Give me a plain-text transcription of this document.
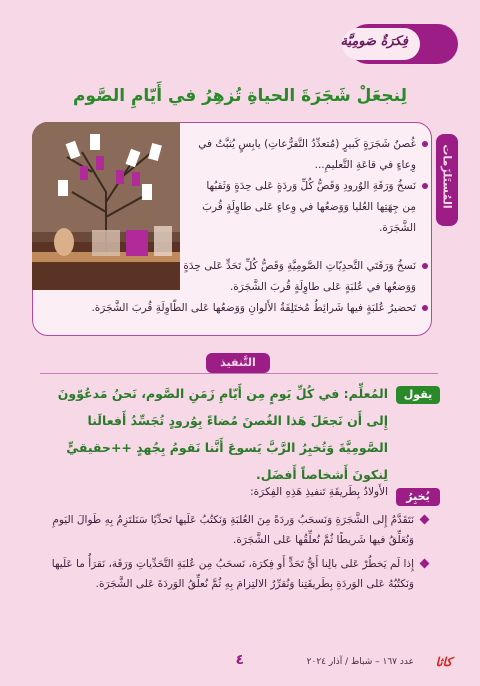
فِكرَةٌ صَومِيَّة
لِنجعَلْ شَجَرَةَ الحياةِ تُزهِرُ في أَيّامِ الصَّوم
المُستَلزَمات
غُصنُ شَجَرَةٍ كَبيرٍ (مُتعدِّدُ التَّفرُّعاتِ) يابِسٍ يُثبَّتُ في وِعاءٍ في قاعَةِ التَّعليمِ...
نَسخُ وَرَقَةِ الوُرودِ وَقَصُّ كُلِّ وَردَةٍ عَلى حِدَةٍ وَثَقبُها مِن جِهَتِها العُليا وَوَضعُها في وِعاءٍ عَلى طاوِلَةٍ قُربَ الشَّجَرَة.
نَسخُ وَرَقَتَي التَّحدِيّاتِ الصَّومِيَّةِ وَقَصُّ كُلِّ تَحَدٍّ عَلى حِدَةٍ وَوَضعُها في عُلبَةٍ عَلى طاوِلَةٍ قُربَ الشَّجَرَة.
تَحضيرُ عُلبَةٍ فيها شَرائِطُ مُختَلِفَةُ الأَلوانِ وَوَضعُها عَلى الطّاوِلَةِ قُربَ الشَّجَرَة.
التَّنفيذ
يقول

المُعلِّم: في كُلِّ يَومٍ مِن أَيّامِ زَمَنِ الصَّوم، نَحنُ مَدعُوّونَ إِلى أَن نَجعَلَ هَذا الغُصنَ مُضاءً بِوُرودٍ تُجَسِّدُ أَفعالَنا الصَّومِيَّةَ وَتُخبِرُ الرَّبَّ يَسوعَ أَنَّنا نَقومُ بِجُهدٍ ++حقيقيٍّ لِنكونَ أَشخاصاً أَفضَل.

يُخبِرُ

الأَولادُ بِطَريقَةِ تَنفيذِ هَذِهِ الفِكرَة:

نَتَقَدَّمُ إِلى الشَّجَرَةِ وَنَسحَبُ وَردَةً مِنَ العُلبَةِ وَنَكتُبُ عَلَيها تَحدِّيًا سَنَلتَزِمُ بِهِ طَوالَ اليَومِ وَنُعَلِّقُ فيها شَريطًا ثُمَّ نُعلِّقُها عَلى الشَّجَرَة.
إِذا لَم يَخطُرْ عَلى بالِنا أَيُّ تَحَدٍّ أَو فِكرَة، نَسحَبُ مِن عُلبَةِ التَّحَدِّياتِ وَرَقَة، نَقرَأُ ما عَلَيها وَنَكتُبُهُ عَلى الوَردَةِ بِطَريقَتِنا وَنُقرِّرُ الالتِزامَ بِهِ ثُمَّ نُعلِّقُ الوَردَةَ عَلى الشَّجَرَة.
كاثا
عدد ١٦٧ – شباط / آذار ٢٠٢٤
٤
